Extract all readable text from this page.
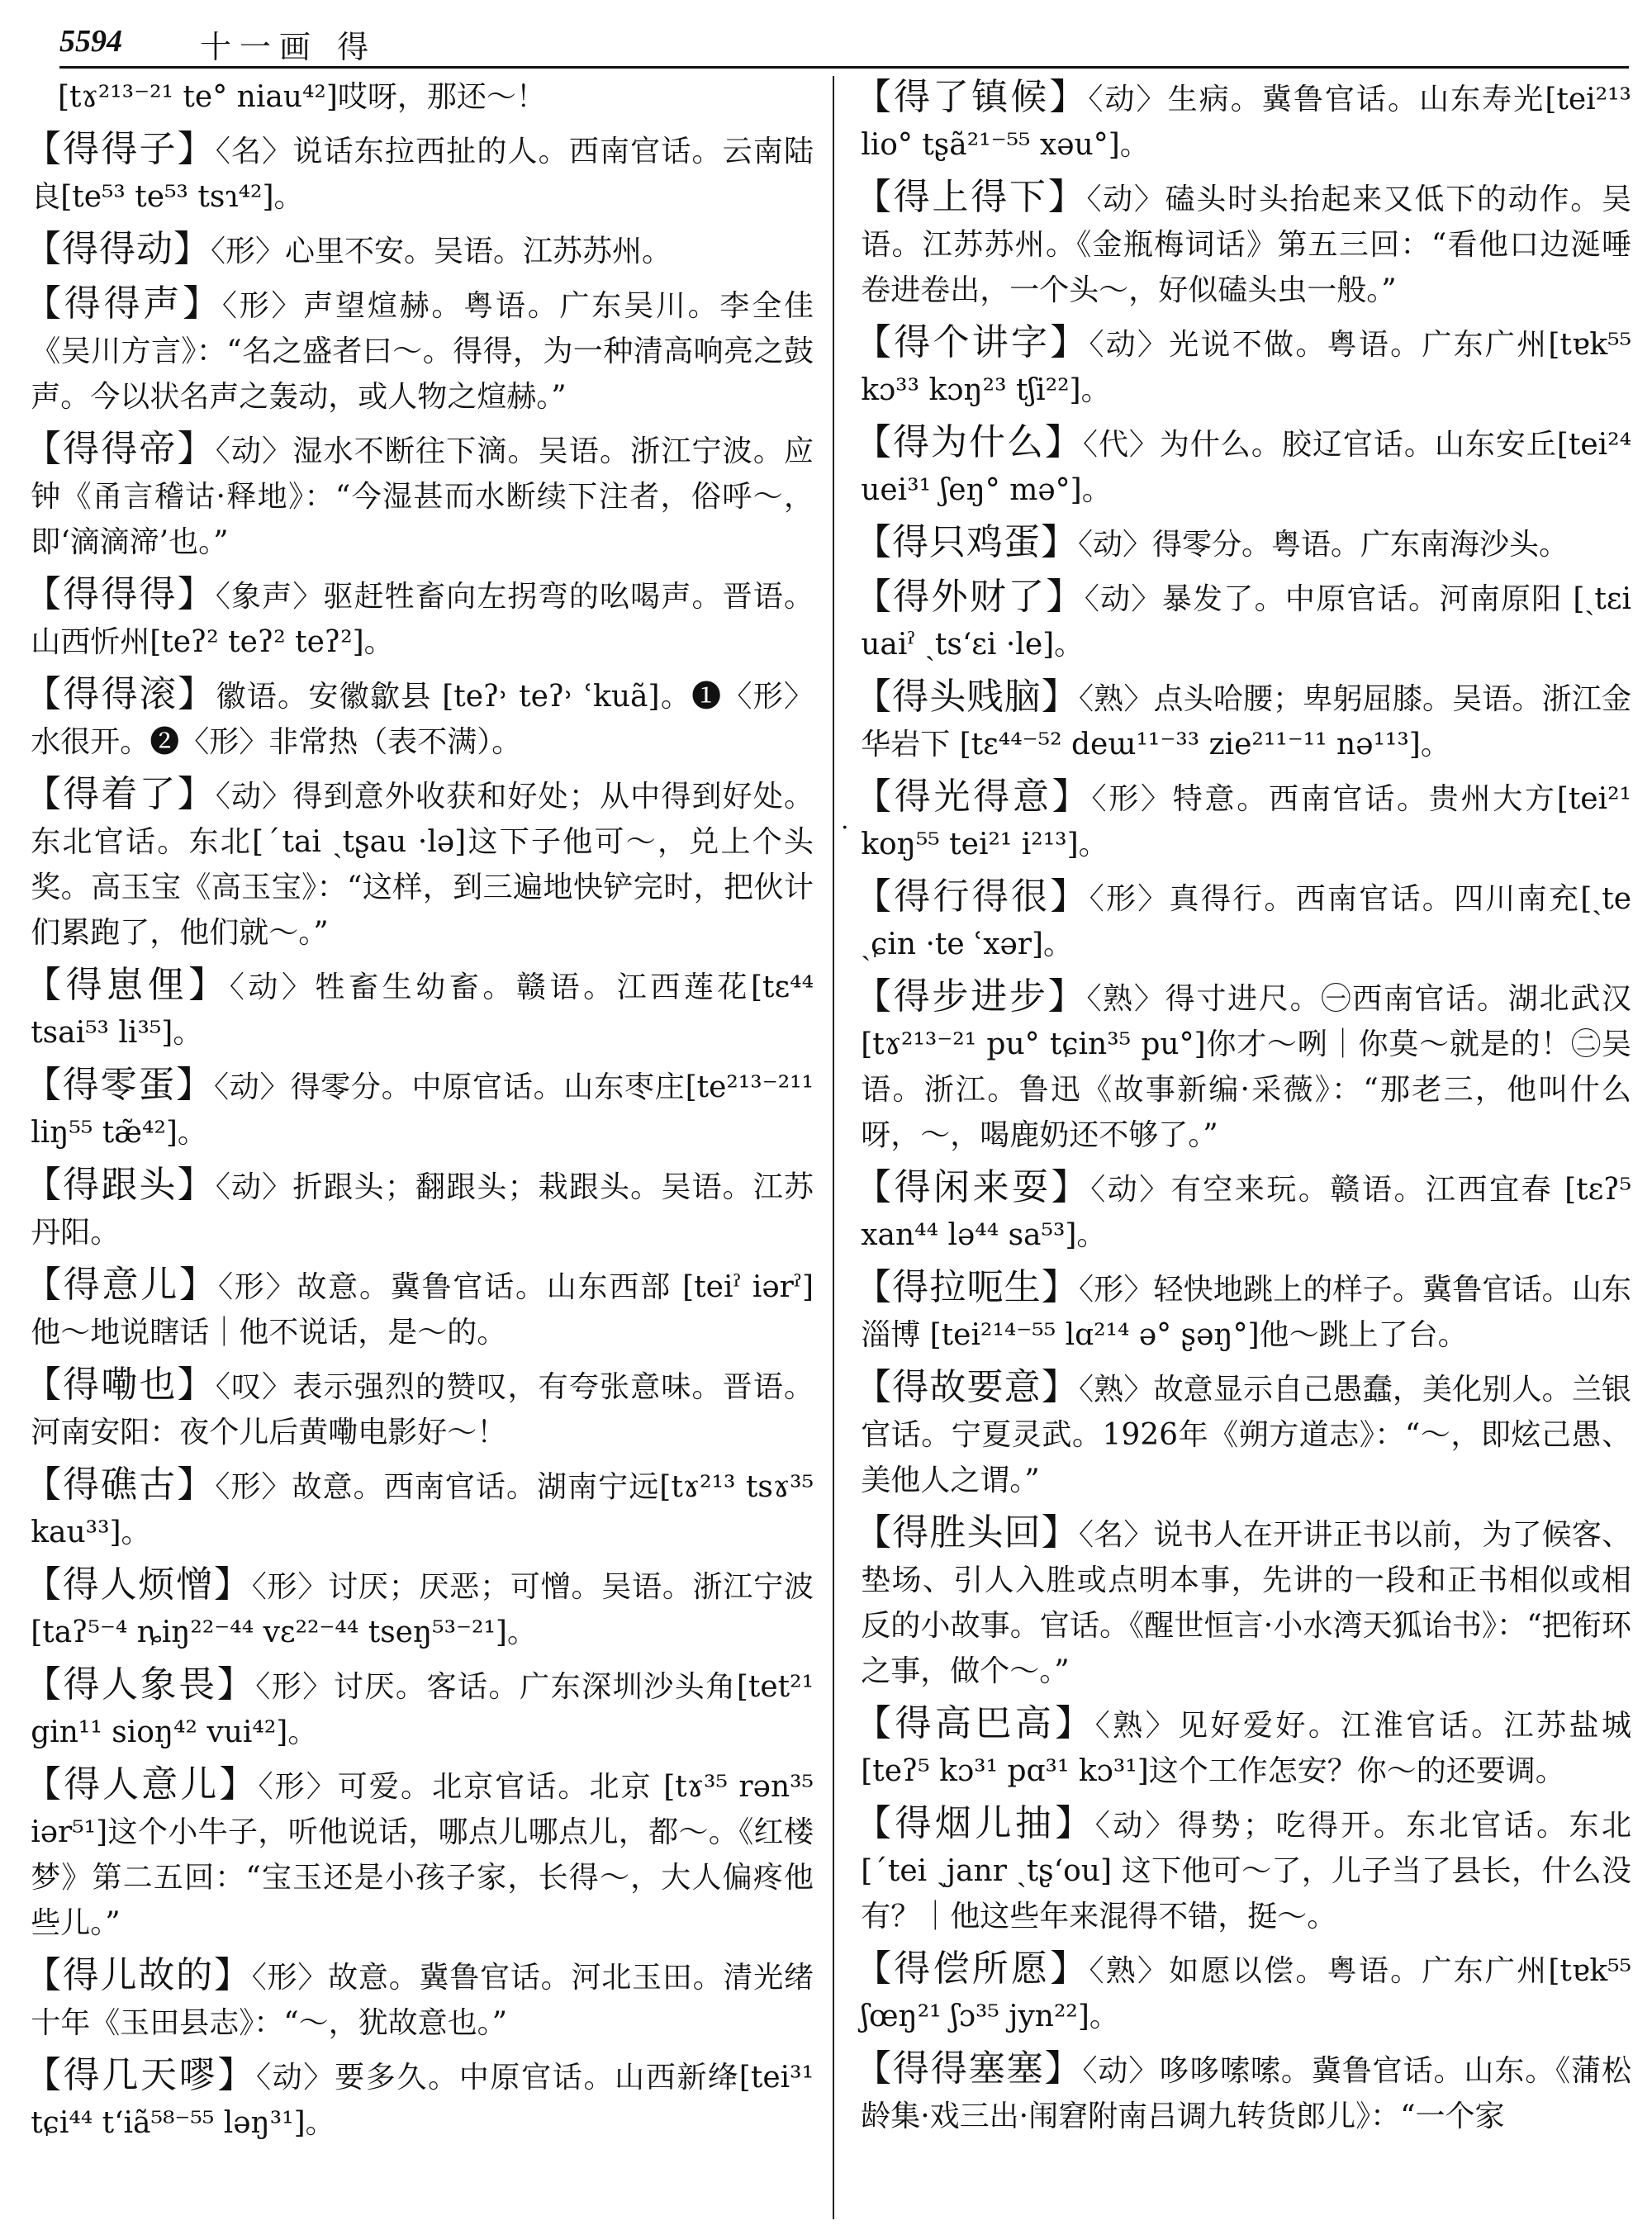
5594 十一画 得
[tɤ²¹³⁻²¹ te° niau⁴²]哎呀，那还～！
【得得子】〈名〉说话东拉西扯的人。西南官话。云南陆良[te⁵³ te⁵³ tsɿ⁴²]。
【得得动】〈形〉心里不安。吴语。江苏苏州。
【得得声】〈形〉声望煊赫。粤语。广东吴川。李全佳《吴川方言》：“名之盛者曰～。得得，为一种清高响亮之鼓声。今以状名声之轰动，或人物之煊赫。”
【得得帝】〈动〉湿水不断往下滴。吴语。浙江宁波。应钟《甬言稽诂·释地》：“今湿甚而水断续下注者，俗呼～，即‘滴滴渧’也。”
【得得得】〈象声〉驱赶牲畜向左拐弯的吆喝声。晋语。山西忻州[teʔ² teʔ² teʔ²]。
【得得滚】徽语。安徽歙县 [teʔ˒ teʔ˒ ʿkuã]。❶〈形〉水很开。❷〈形〉非常热（表不满）。
【得着了】〈动〉得到意外收获和好处；从中得到好处。东北官话。东北[ˊtai ˏtʂau ·lə]这下子他可～，兑上个头奖。高玉宝《高玉宝》：“这样，到三遍地快铲完时，把伙计们累跑了，他们就～。”
【得崽俚】〈动〉牲畜生幼畜。赣语。江西莲花[tɛ⁴⁴ tsai⁵³ li³⁵]。
【得零蛋】〈动〉得零分。中原官话。山东枣庄[te²¹³⁻²¹¹ liŋ⁵⁵ tæ̃⁴²]。
【得跟头】〈动〉折跟头；翻跟头；栽跟头。吴语。江苏丹阳。
【得意儿】〈形〉故意。冀鲁官话。山东西部 [teiˀ iərˀ] 他～地说瞎话｜他不说话，是～的。
【得嘞也】〈叹〉表示强烈的赞叹，有夸张意味。晋语。河南安阳：夜个儿后黄嘞电影好～！
【得礁古】〈形〉故意。西南官话。湖南宁远[tɤ²¹³ tsɤ³⁵ kau³³]。
【得人烦憎】〈形〉讨厌；厌恶；可憎。吴语。浙江宁波[taʔ⁵⁻⁴ ȵiŋ²²⁻⁴⁴ vɛ²²⁻⁴⁴ tseŋ⁵³⁻²¹]。
【得人象畏】〈形〉讨厌。客话。广东深圳沙头角[tet²¹ gin¹¹ sioŋ⁴² vui⁴²]。
【得人意儿】〈形〉可爱。北京官话。北京 [tɤ³⁵ rən³⁵ iər⁵¹]这个小牛子，听他说话，哪点儿哪点儿，都～。《红楼梦》第二五回：“宝玉还是小孩子家，长得～，大人偏疼他些儿。”
【得儿故的】〈形〉故意。冀鲁官话。河北玉田。清光绪十年《玉田县志》：“～，犹故意也。”
【得几天嘐】〈动〉要多久。中原官话。山西新绛[tei³¹ tɕi⁴⁴ tʻiã⁵⁸⁻⁵⁵ ləŋ³¹]。
·
【得了镇候】〈动〉生病。冀鲁官话。山东寿光[tei²¹³ lio° tʂã²¹⁻⁵⁵ xəu°]。
【得上得下】〈动〉磕头时头抬起来又低下的动作。吴语。江苏苏州。《金瓶梅词话》第五三回：“看他口边涎唾卷进卷出，一个头～，好似磕头虫一般。”
【得个讲字】〈动〉光说不做。粤语。广东广州[tɐk⁵⁵ kɔ³³ kɔŋ²³ tʃi²²]。
【得为什么】〈代〉为什么。胶辽官话。山东安丘[tei²⁴ uei³¹ ʃeŋ° mə°]。
【得只鸡蛋】〈动〉得零分。粤语。广东南海沙头。
【得外财了】〈动〉暴发了。中原官话。河南原阳 [ˏtɛi uaiˀ ˏtsʻɛi ·le]。
【得头贱脑】〈熟〉点头哈腰；卑躬屈膝。吴语。浙江金华岩下 [tɛ⁴⁴⁻⁵² deɯ¹¹⁻³³ zie²¹¹⁻¹¹ nə¹¹³]。
【得光得意】〈形〉特意。西南官话。贵州大方[tei²¹ koŋ⁵⁵ tei²¹ i²¹³]。
【得行得很】〈形〉真得行。西南官话。四川南充[ˏte ˏɕin ·te ʿxər]。
【得步进步】〈熟〉得寸进尺。㊀西南官话。湖北武汉[tɤ²¹³⁻²¹ pu° tɕin³⁵ pu°]你才～咧｜你莫～就是的！㊁吴语。浙江。鲁迅《故事新编·采薇》：“那老三，他叫什么呀，～，喝鹿奶还不够了。”
【得闲来耍】〈动〉有空来玩。赣语。江西宜春 [tɛʔ⁵ xan⁴⁴ lə⁴⁴ sa⁵³]。
【得拉呃生】〈形〉轻快地跳上的样子。冀鲁官话。山东淄博 [tei²¹⁴⁻⁵⁵ lɑ²¹⁴ ə° ʂəŋ°]他～跳上了台。
【得故要意】〈熟〉故意显示自己愚蠢，美化别人。兰银官话。宁夏灵武。1926年《朔方道志》：“～，即炫己愚、美他人之谓。”
【得胜头回】〈名〉说书人在开讲正书以前，为了候客、垫场、引人入胜或点明本事，先讲的一段和正书相似或相反的小故事。官话。《醒世恒言·小水湾天狐诒书》：“把衔环之事，做个～。”
【得高巴高】〈熟〉见好爱好。江淮官话。江苏盐城 [teʔ⁵ kɔ³¹ pɑ³¹ kɔ³¹]这个工作怎安？你～的还要调。
【得烟儿抽】〈动〉得势；吃得开。东北官话。东北 [ˊtei ˏjanr ˏtʂʻou] 这下他可～了，儿子当了县长，什么没有？｜他这些年来混得不错，挺～。
【得偿所愿】〈熟〉如愿以偿。粤语。广东广州[tɐk⁵⁵ ʃœŋ²¹ ʃɔ³⁵ jyn²²]。
【得得塞塞】〈动〉哆哆嗦嗦。冀鲁官话。山东。《蒲松龄集·戏三出·闱窘附南吕调九转货郎儿》：“一个家
